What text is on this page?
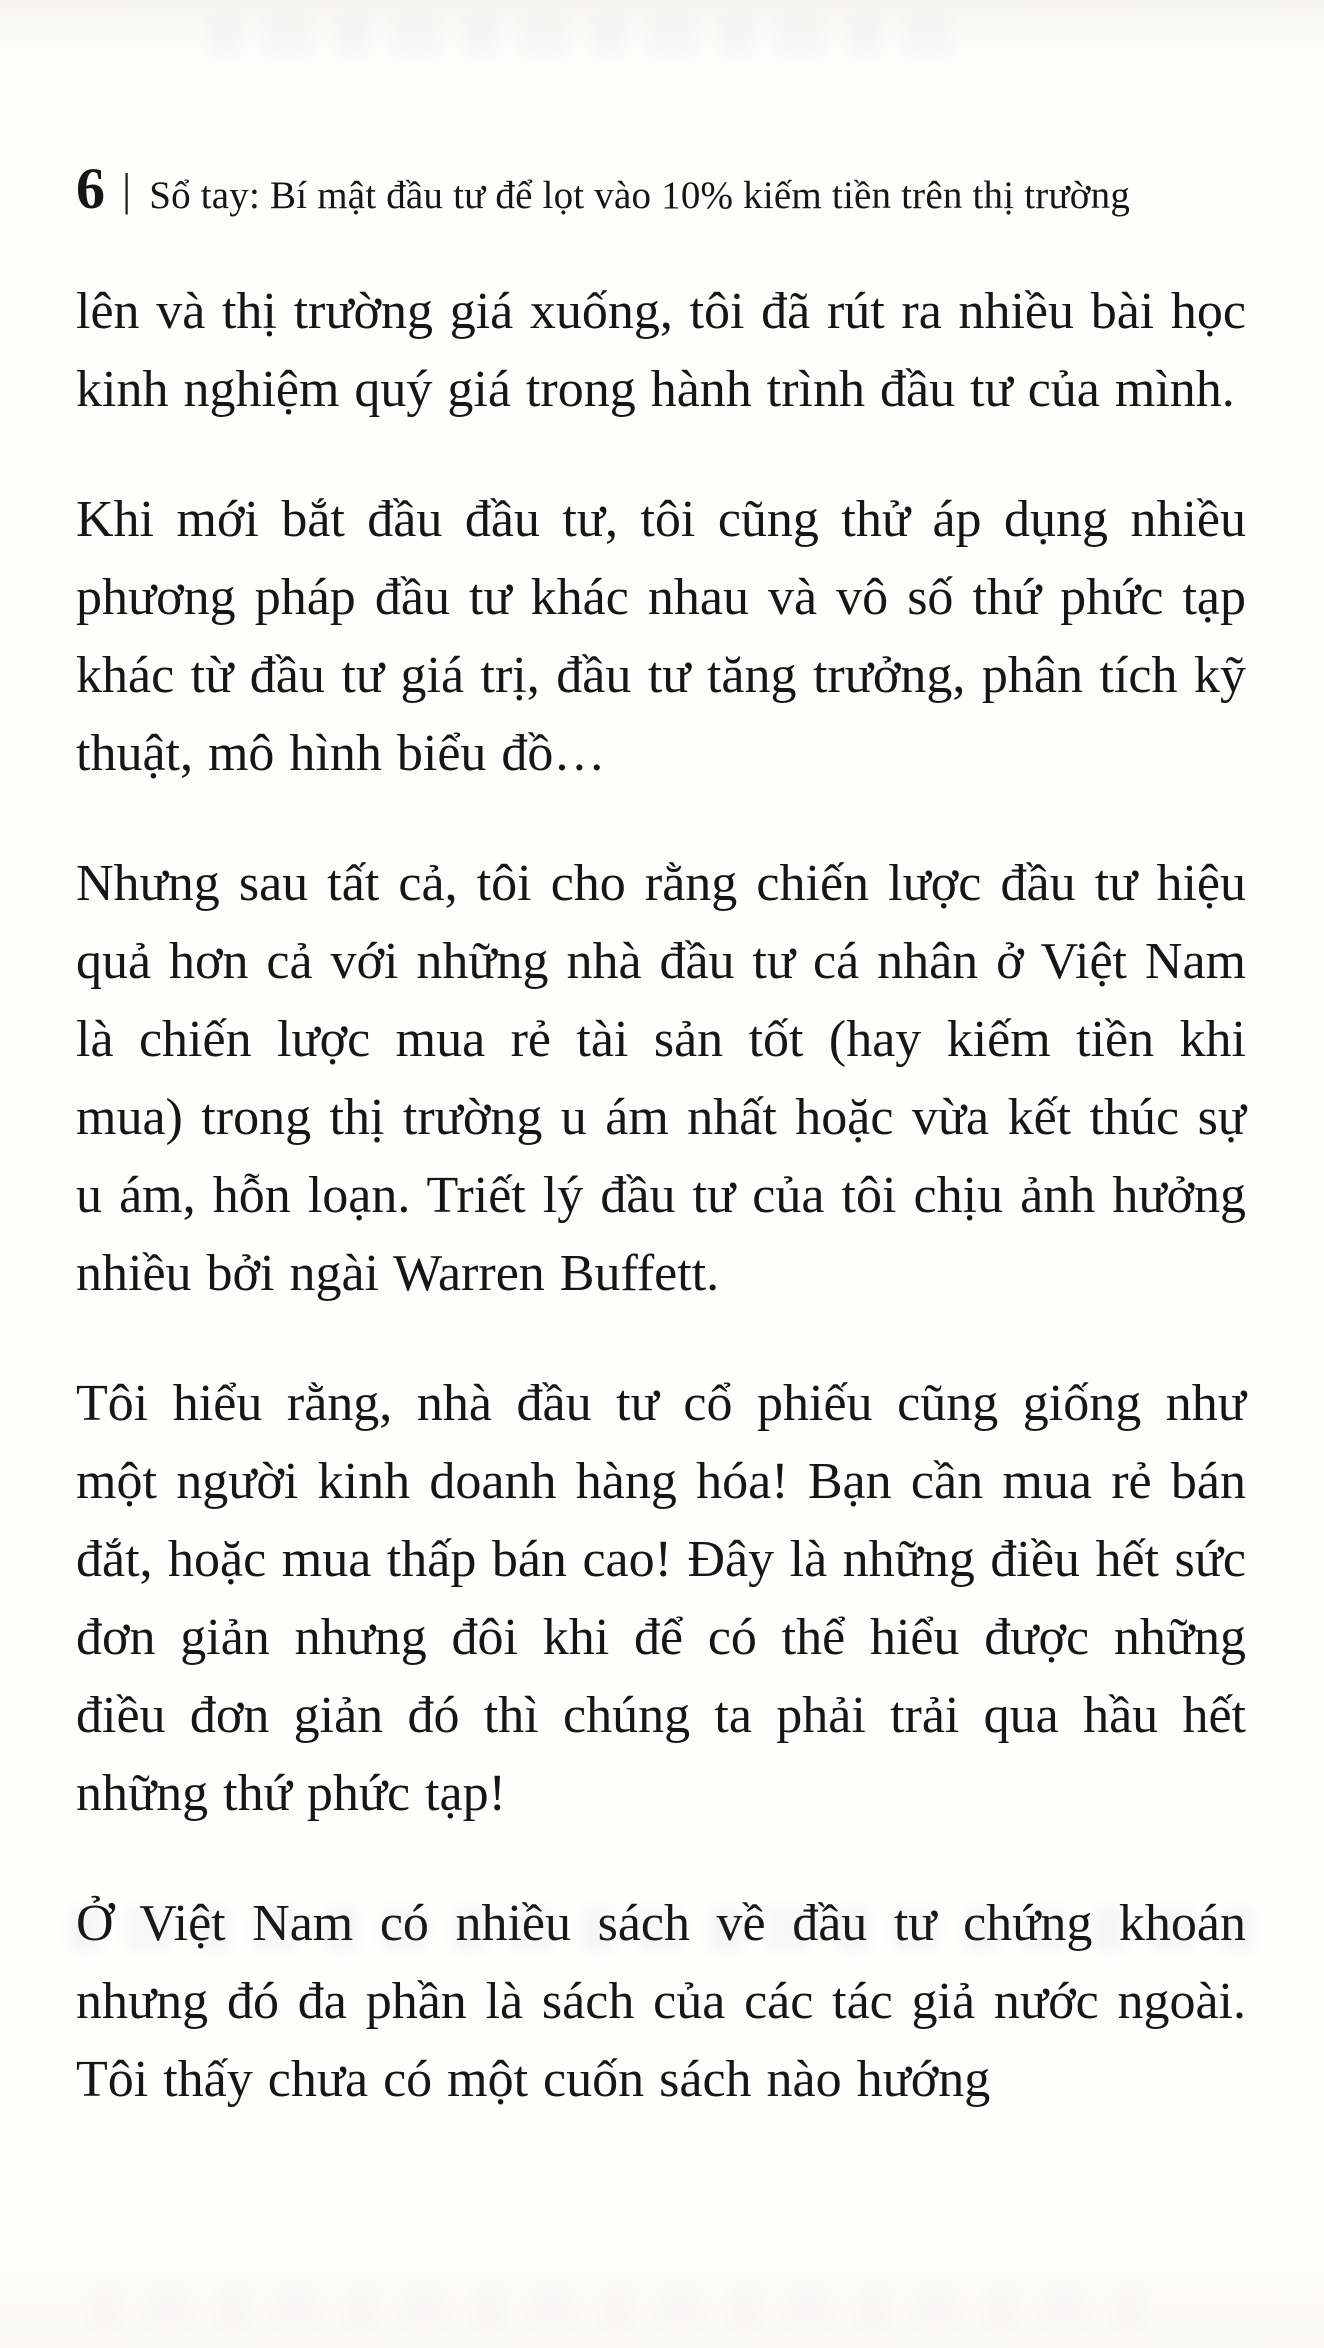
6 | Sổ tay: Bí mật đầu tư để lọt vào 10% kiếm tiền trên thị trường

lên và thị trường giá xuống, tôi đã rút ra nhiều bài học kinh nghiệm quý giá trong hành trình đầu tư của mình.

Khi mới bắt đầu đầu tư, tôi cũng thử áp dụng nhiều phương pháp đầu tư khác nhau và vô số thứ phức tạp khác từ đầu tư giá trị, đầu tư tăng trưởng, phân tích kỹ thuật, mô hình biểu đồ…

Nhưng sau tất cả, tôi cho rằng chiến lược đầu tư hiệu quả hơn cả với những nhà đầu tư cá nhân ở Việt Nam là chiến lược mua rẻ tài sản tốt (hay kiếm tiền khi mua) trong thị trường u ám nhất hoặc vừa kết thúc sự u ám, hỗn loạn. Triết lý đầu tư của tôi chịu ảnh hưởng nhiều bởi ngài Warren Buffett.

Tôi hiểu rằng, nhà đầu tư cổ phiếu cũng giống như một người kinh doanh hàng hóa! Bạn cần mua rẻ bán đắt, hoặc mua thấp bán cao! Đây là những điều hết sức đơn giản nhưng đôi khi để có thể hiểu được những điều đơn giản đó thì chúng ta phải trải qua hầu hết những thứ phức tạp!

Ở Việt Nam có nhiều sách về đầu tư chứng khoán nhưng đó đa phần là sách của các tác giả nước ngoài. Tôi thấy chưa có một cuốn sách nào hướng
